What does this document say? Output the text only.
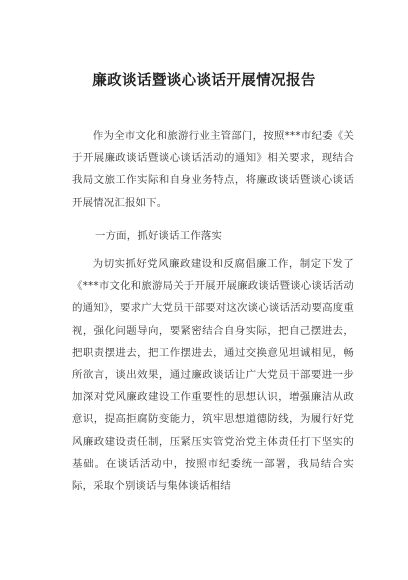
廉政谈话暨谈心谈话开展情况报告

作为全市文化和旅游行业主管部门，按照***市纪委《关于开展廉政谈话暨谈心谈话活动的通知》相关要求，现结合我局文旅工作实际和自身业务特点，将廉政谈话暨谈心谈话开展情况汇报如下。

一方面，抓好谈话工作落实

为切实抓好党风廉政建设和反腐倡廉工作，制定下发了《***市文化和旅游局关于开展开展廉政谈话暨谈心谈话活动的通知》，要求广大党员干部要对这次谈心谈话活动要高度重视，强化问题导向，要紧密结合自身实际，把自己摆进去，把职责摆进去，把工作摆进去，通过交换意见坦诚相见，畅所欲言，谈出效果，通过廉政谈话让广大党员干部要进一步加深对党风廉政建设工作重要性的思想认识，增强廉洁从政意识，提高拒腐防变能力，筑牢思想道德防线，为履行好党风廉政建设责任制，压紧压实管党治党主体责任打下坚实的基础。在谈话活动中，按照市纪委统一部署，我局结合实际，采取个别谈话与集体谈话相结
